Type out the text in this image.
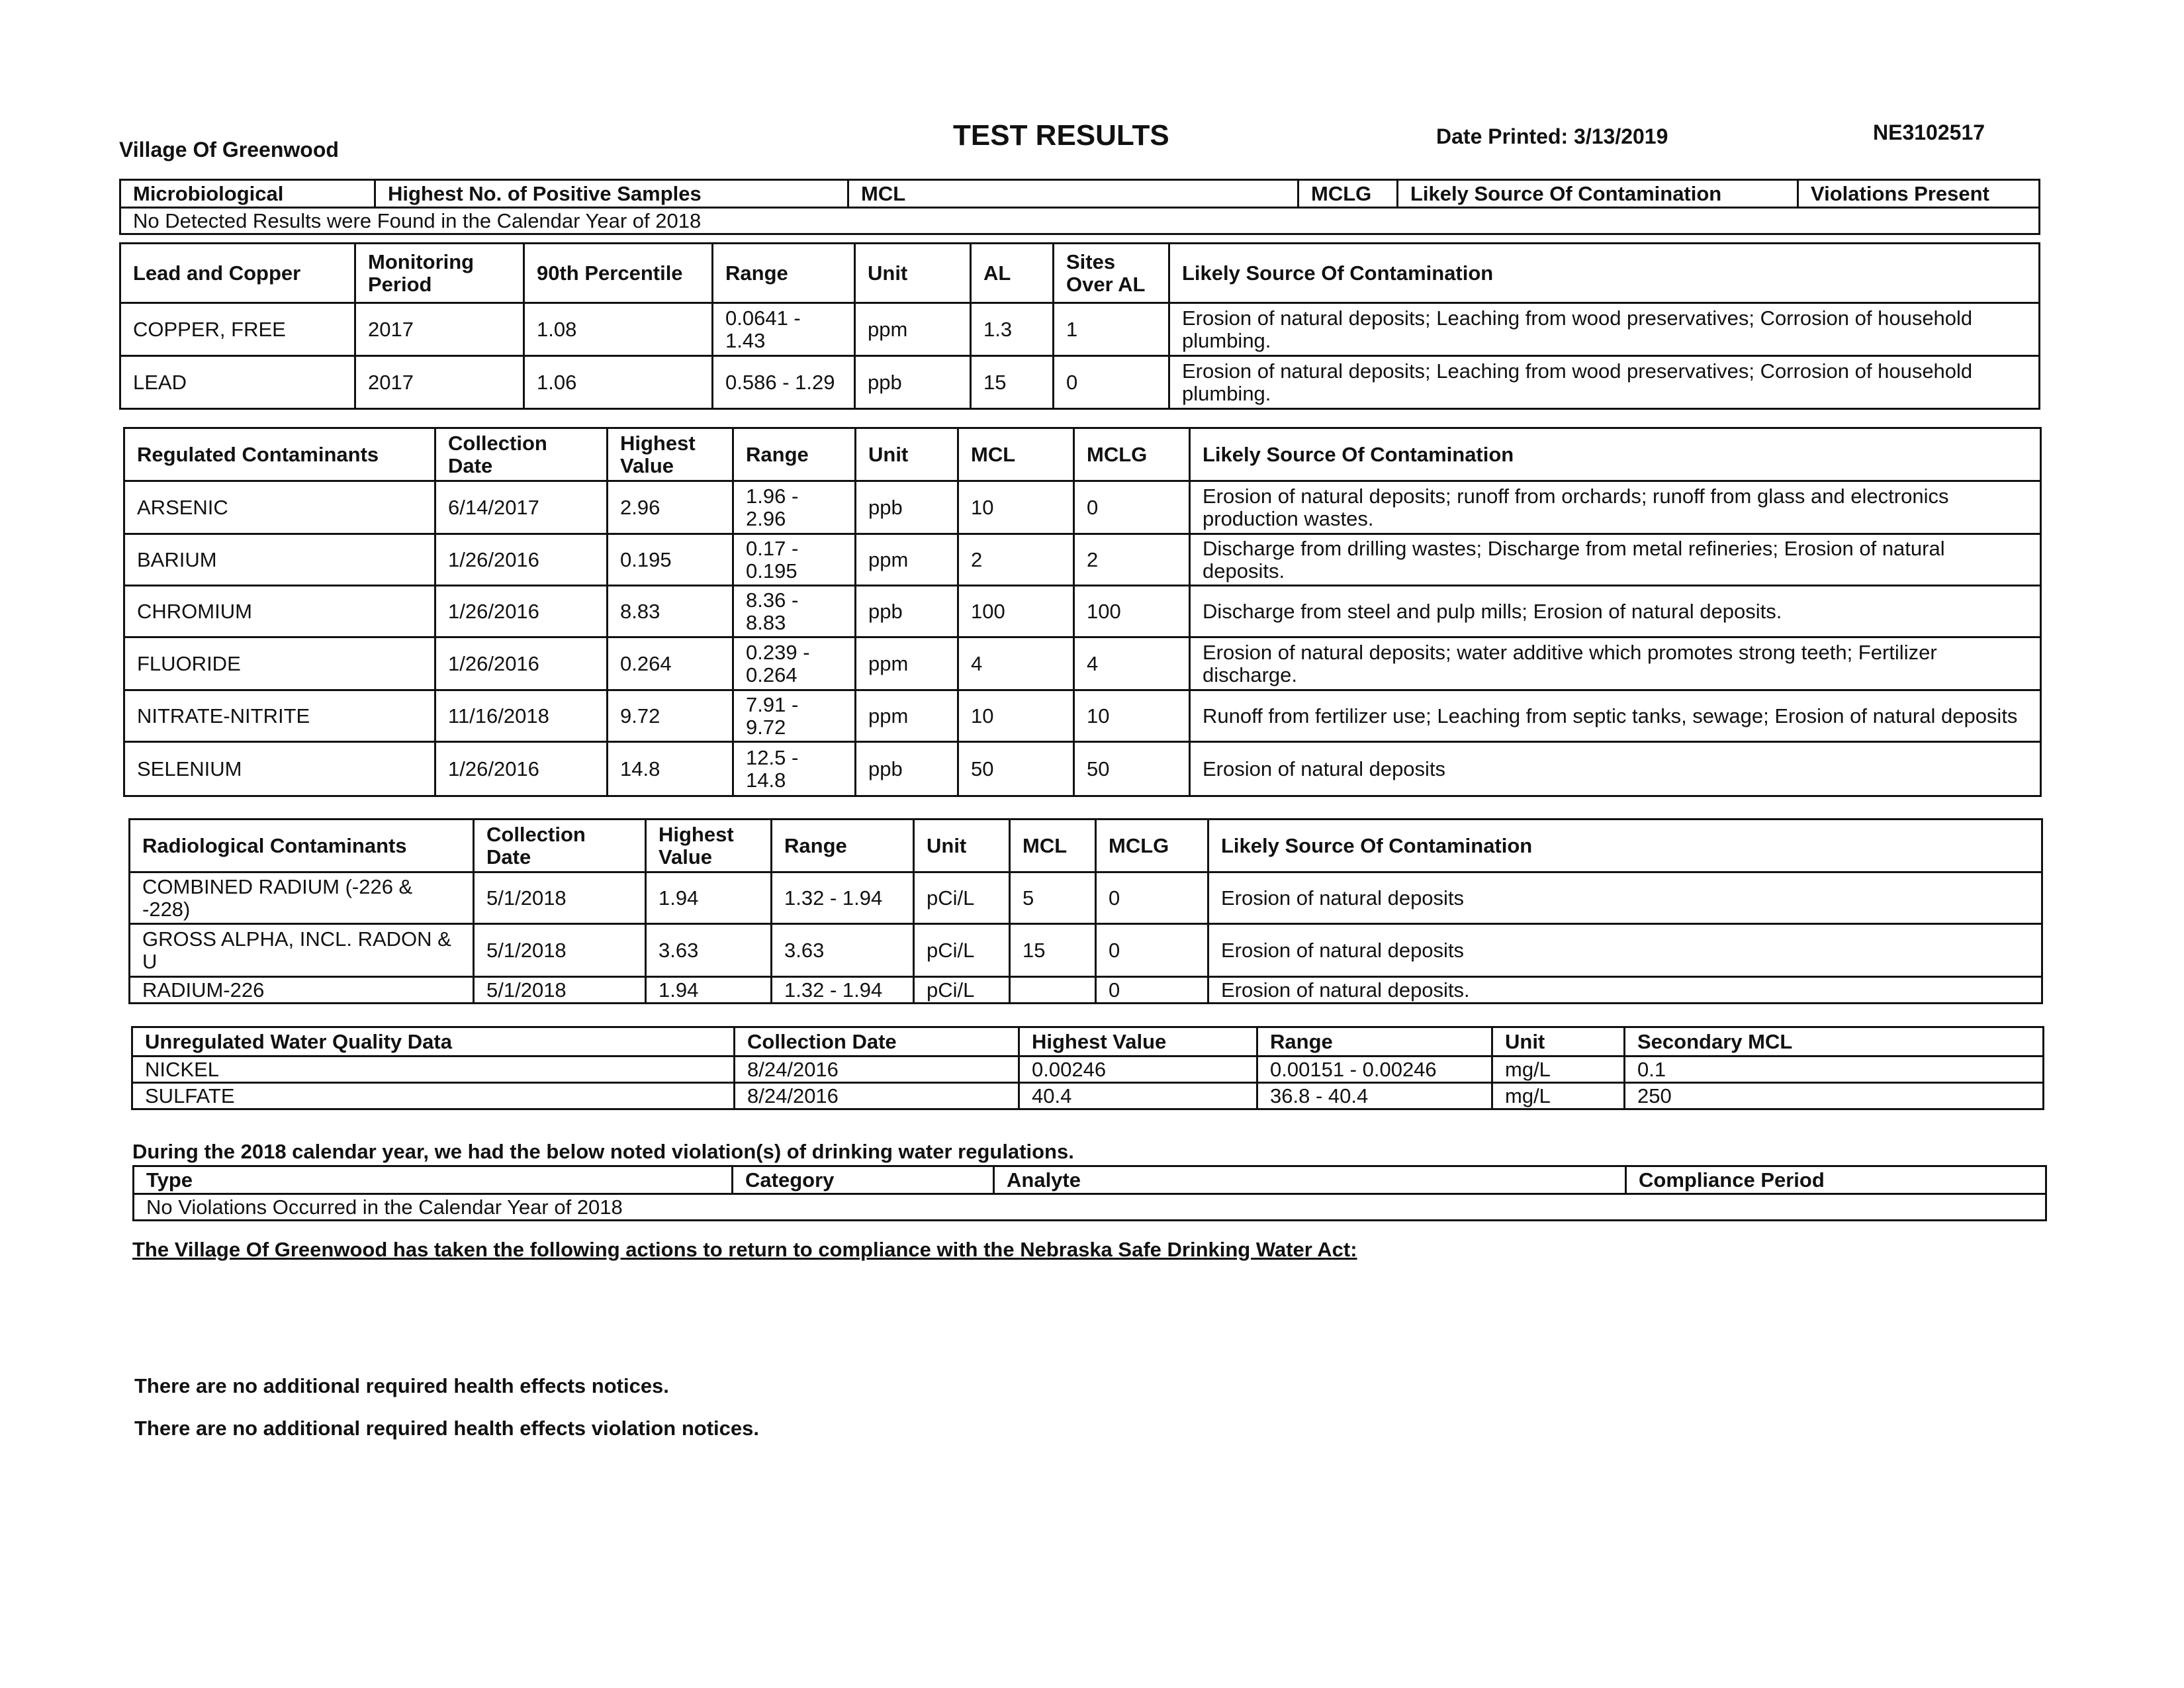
Village Of Greenwood	TEST RESULTS	Date Printed: 3/13/2019	NE3102517
Microbiological	Highest No. of Positive Samples	MCL	MCLG	Likely Source Of Contamination	Violations Present
No Detected Results were Found in the Calendar Year of 2018
Lead and Copper	Monitoring Period	90th Percentile	Range	Unit	AL	Sites Over AL	Likely Source Of Contamination
COPPER, FREE	2017	1.08	0.0641 - 1.43	ppm	1.3	1	Erosion of natural deposits; Leaching from wood preservatives; Corrosion of household plumbing.
LEAD	2017	1.06	0.586 - 1.29	ppb	15	0	Erosion of natural deposits; Leaching from wood preservatives; Corrosion of household plumbing.
Regulated Contaminants	Collection Date	Highest Value	Range	Unit	MCL	MCLG	Likely Source Of Contamination
ARSENIC	6/14/2017	2.96	1.96 - 2.96	ppb	10	0	Erosion of natural deposits; runoff from orchards; runoff from glass and electronics production wastes.
BARIUM	1/26/2016	0.195	0.17 - 0.195	ppm	2	2	Discharge from drilling wastes; Discharge from metal refineries; Erosion of natural deposits.
CHROMIUM	1/26/2016	8.83	8.36 - 8.83	ppb	100	100	Discharge from steel and pulp mills; Erosion of natural deposits.
FLUORIDE	1/26/2016	0.264	0.239 - 0.264	ppm	4	4	Erosion of natural deposits; water additive which promotes strong teeth; Fertilizer discharge.
NITRATE-NITRITE	11/16/2018	9.72	7.91 - 9.72	ppm	10	10	Runoff from fertilizer use; Leaching from septic tanks, sewage; Erosion of natural deposits
SELENIUM	1/26/2016	14.8	12.5 - 14.8	ppb	50	50	Erosion of natural deposits
Radiological Contaminants	Collection Date	Highest Value	Range	Unit	MCL	MCLG	Likely Source Of Contamination
COMBINED RADIUM (-226 & -228)	5/1/2018	1.94	1.32 - 1.94	pCi/L	5	0	Erosion of natural deposits
GROSS ALPHA, INCL. RADON & U	5/1/2018	3.63	3.63	pCi/L	15	0	Erosion of natural deposits
RADIUM-226	5/1/2018	1.94	1.32 - 1.94	pCi/L		0	Erosion of natural deposits.
Unregulated Water Quality Data	Collection Date	Highest Value	Range	Unit	Secondary MCL
NICKEL	8/24/2016	0.00246	0.00151 - 0.00246	mg/L	0.1
SULFATE	8/24/2016	40.4	36.8 - 40.4	mg/L	250
During the 2018 calendar year, we had the below noted violation(s) of drinking water regulations.
Type	Category	Analyte	Compliance Period
No Violations Occurred in the Calendar Year of 2018
The Village Of Greenwood has taken the following actions to return to compliance with the Nebraska Safe Drinking Water Act:
There are no additional required health effects notices.
There are no additional required health effects violation notices.
